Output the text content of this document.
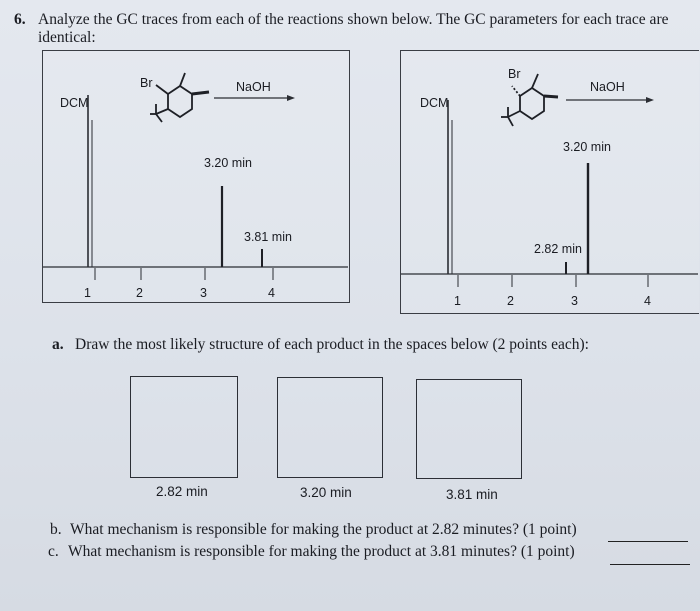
6. Analyze the GC traces from each of the reactions shown below. The GC parameters for each trace are identical:
DCM
Br	NaOH
3.20 min
3.81 min
1	2	3	4
DCM
Br
NaOH
3.20 min
2.82 min
1	2	3	4
a. Draw the most likely structure of each product in the spaces below (2 points each):
2.82 min	3.20 min	3.81 min
b. What mechanism is responsible for making the product at 2.82 minutes? (1 point)
c. What mechanism is responsible for making the product at 3.81 minutes? (1 point)
